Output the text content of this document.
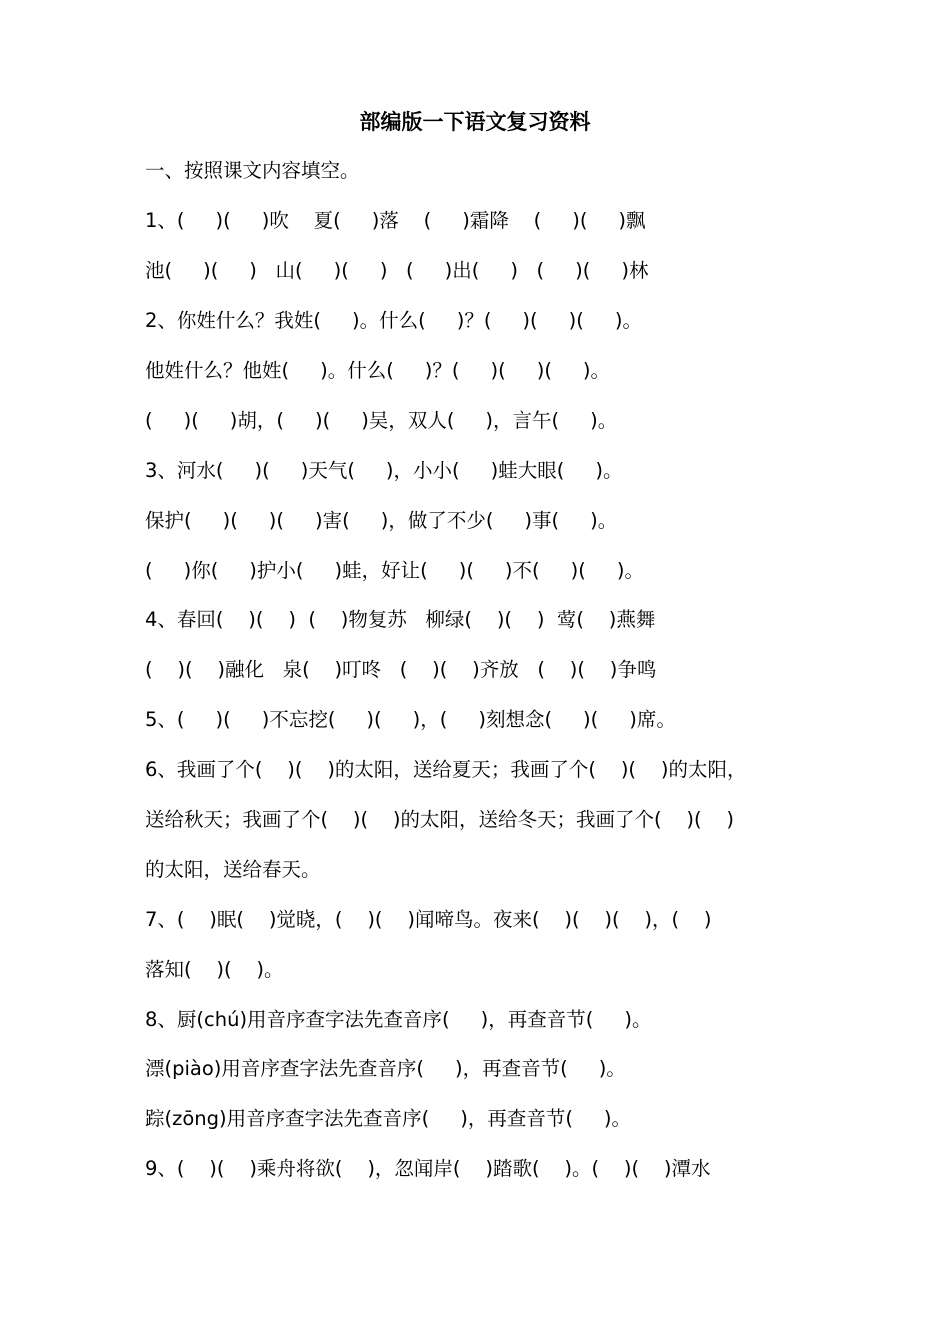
部编版一下语文复习资料
一、按照课文内容填空。
1、(     )(     )吹    夏(     )落    (     )霜降    (     )(     )飘
池(     )(     )   山(     )(     )   (     )出(     )   (     )(     )林
2、你姓什么？我姓(     )。什么(     )？(     )(     )(     )。
他姓什么？他姓(     )。什么(     )？(     )(     )(     )。
(     )(     )胡，(     )(     )吴，双人(     )，言午(     )。
3、河水(     )(     )天气(     )，小小(     )蛙大眼(     )。
保护(     )(     )(     )害(     )，做了不少(     )事(     )。
(     )你(     )护小(     )蛙，好让(     )(     )不(     )(     )。
4、春回(    )(    )  (    )物复苏   柳绿(    )(    )  莺(    )燕舞
(    )(    )融化   泉(    )叮咚   (    )(    )齐放   (    )(    )争鸣
5、(     )(     )不忘挖(     )(     )，(     )刻想念(     )(     )席。
6、我画了个(    )(    )的太阳，送给夏天；我画了个(    )(    )的太阳，
送给秋天；我画了个(    )(    )的太阳，送给冬天；我画了个(    )(    )
的太阳，送给春天。
7、(    )眠(    )觉晓，(    )(    )闻啼鸟。夜来(    )(    )(    )，(    )
落知(    )(    )。
8、厨(chú)用音序查字法先查音序(     )，再查音节(     )。
漂(piào)用音序查字法先查音序(     )，再查音节(     )。
踪(zōng)用音序查字法先查音序(     )，再查音节(     )。
9、(    )(    )乘舟将欲(    )，忽闻岸(    )踏歌(    )。(    )(    )潭水
